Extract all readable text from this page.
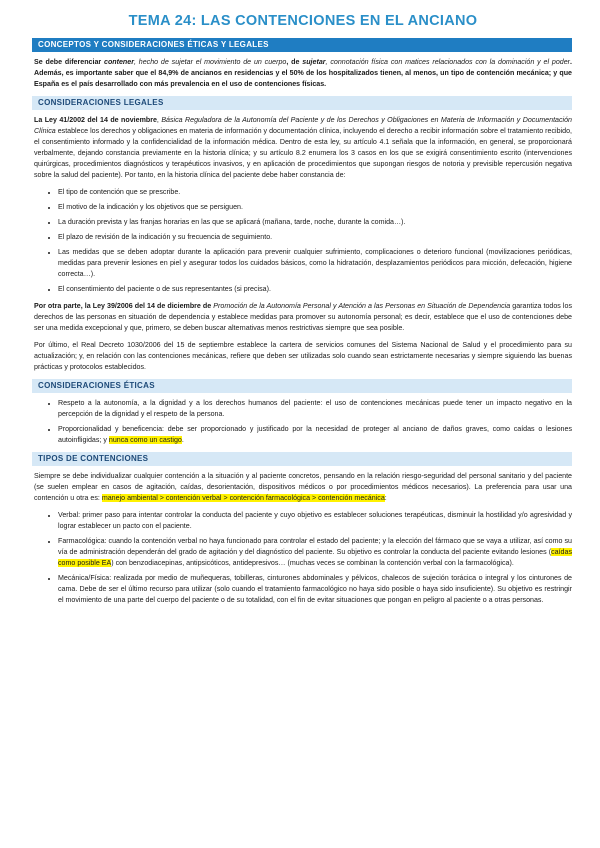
TEMA 24: LAS CONTENCIONES EN EL ANCIANO
CONCEPTOS Y CONSIDERACIONES ÉTICAS Y LEGALES

Se debe diferenciar contener, hecho de sujetar el movimiento de un cuerpo, de sujetar, connotación física con matices relacionados con la dominación y el poder. Además, es importante saber que el 84,9% de ancianos en residencias y el 50% de los hospitalizados tienen, al menos, un tipo de contención mecánica; y que España es el país desarrollado con más prevalencia en el uso de contenciones físicas.

CONSIDERACIONES LEGALES

La Ley 41/2002 del 14 de noviembre, Básica Reguladora de la Autonomía del Paciente y de los Derechos y Obligaciones en Materia de Información y Documentación Clínica establece los derechos y obligaciones en materia de información y documentación clínica, incluyendo el derecho a recibir información sobre el tratamiento recibido, el consentimiento informado y la confidencialidad de la información médica. Dentro de esta ley, su artículo 4.1 señala que la información, en general, se proporcionará verbalmente, dejando constancia previamente en la historia clínica; y su artículo 8.2 enumera los 3 casos en los que se exigirá consentimiento escrito (intervenciones quirúrgicas, procedimientos diagnósticos y terapéuticos invasivos, y en aplicación de procedimientos que supongan riesgos de notoria y previsible repercusión negativa sobre la salud del paciente). Por tanto, en la historia clínica del paciente debe haber constancia de:

• El tipo de contención que se prescribe.
• El motivo de la indicación y los objetivos que se persiguen.
• La duración prevista y las franjas horarias en las que se aplicará (mañana, tarde, noche, durante la comida…).
• El plazo de revisión de la indicación y su frecuencia de seguimiento.
• Las medidas que se deben adoptar durante la aplicación para prevenir cualquier sufrimiento, complicaciones o deterioro funcional (movilizaciones periódicas, medidas para prevenir lesiones en piel y asegurar todos los cuidados básicos, como la hidratación, desplazamientos periódicos para micción, defecación, higiene correcta…).
• El consentimiento del paciente o de sus representantes (si precisa).

Por otra parte, la Ley 39/2006 del 14 de diciembre de Promoción de la Autonomía Personal y Atención a las Personas en Situación de Dependencia garantiza todos los derechos de las personas en situación de dependencia y establece medidas para promover su autonomía personal; es decir, establece que el uso de contenciones debe ser una medida excepcional y que, primero, se deben buscar alternativas menos restrictivas siempre que sea posible.

Por último, el Real Decreto 1030/2006 del 15 de septiembre establece la cartera de servicios comunes del Sistema Nacional de Salud y el procedimiento para su actualización; y, en relación con las contenciones mecánicas, refiere que deben ser utilizadas solo cuando sean estrictamente necesarias y siempre siguiendo las buenas prácticas y protocolos establecidos.

CONSIDERACIONES ÉTICAS
• Respeto a la autonomía, a la dignidad y a los derechos humanos del paciente: el uso de contenciones mecánicas puede tener un impacto negativo en la percepción de la dignidad y el respeto de la persona.
• Proporcionalidad y beneficencia: debe ser proporcionado y justificado por la necesidad de proteger al anciano de daños graves, como caídas o lesiones autoinfligidas; y nunca como un castigo.
TIPOS DE CONTENCIONES

Siempre se debe individualizar cualquier contención a la situación y al paciente concretos, pensando en la relación riesgo-seguridad del personal sanitario y del paciente (se suelen emplear en casos de agitación, caídas, desorientación, dispositivos médicos o por procedimientos médicos necesarios). La preferencia para usar una contención u otra es: manejo ambiental > contención verbal > contención farmacológica > contención mecánica:

• Verbal: primer paso para intentar controlar la conducta del paciente y cuyo objetivo es establecer soluciones terapéuticas, disminuir la hostilidad y/o agresividad y lograr establecer un pacto con el paciente.
• Farmacológica: cuando la contención verbal no haya funcionado para controlar el estado del paciente; y la elección del fármaco que se vaya a utilizar, así como su vía de administración dependerán del grado de agitación y del diagnóstico del paciente. Su objetivo es controlar la conducta del paciente evitando lesiones (caídas como posible EA) con benzodiacepinas, antipsicóticos, antidepresivos… (muchas veces se combinan la contención verbal con la farmacológica).
• Mecánica/Física: realizada por medio de muñequeras, tobilleras, cinturones abdominales y pélvicos, chalecos de sujeción torácica o integral y los cinturones de cama. Debe de ser el último recurso para utilizar (solo cuando el tratamiento farmacológico no haya sido posible o haya sido insuficiente). Su objetivo es restringir el movimiento de una parte del cuerpo del paciente o de su totalidad, con el fin de evitar situaciones que pongan en peligro al paciente o a otras personas.
